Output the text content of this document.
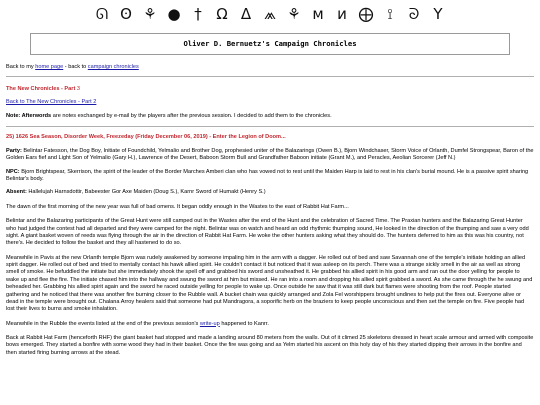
ᘏ ʘ ⚘ ● † Ω Δ ⩕ ⚘ ᴍ ᴎ ⨁ ⟟	ᘐ Y
Oliver D. Bernuetz's Campaign Chronicles

Back to my home page - back to campaign chronicles

The New Chronicles - Part 3

Back to The New Chronicles - Part 2

Note: Afterwords are notes exchanged by e-mail by the players after the previous session. I decided to add them to the chronicles.

25) 1626 Sea Season, Disorder Week, Freezeday (Friday December 06, 2019) - Enter the Legion of Doom...

Party: Belintar Fatesson, the Dog Boy, Initiate of Foundchild, Yelmalio and Brother Dog, prophesied uniter of the Balazarings (Owen B.), Bjorn Windchaser, Storm Voice of Orlanth, Dumfel Strongspear, Baron of the Golden Ears fief and Light Son of Yelmalio (Gary H.), Lawrence of the Desert, Baboon Storm Bull and Grandfather Baboon initiate (Grant M.), and Peracles, Aeolian Sorcerer (Jeff N.)

NPC: Bjorn Brightspear, Skerrison, the spirit of the leader of the Border Marches Amberi clan who has vowed not to rest until the Maiden Harp is laid to rest in his clan's burial mound. He is a passive spirit sharing Belintar's body.

Absent: Hallelujah Harnsdottir, Babeester Gor Axe Maiden (Doug S.), Karnr Sword of Humakt (Henry S.)

The dawn of the first morning of the new year was full of bad omens. It began oddly enough in the Wastes to the east of Rabbit Hat Farm...

Belintar and the Balazaring participants of the Great Hunt were still camped out in the Wastes after the end of the Hunt and the celebration of Sacred Time. The Praxian hunters and the Balazaring Great Hunter who had judged the contest had all departed and they were camped for the night. Belintar was on watch and heard an odd rhythmic thumping sound, He looked in the direction of the thumping and saw a very odd sight. A giant basket woven of reeds was flying through the air in the direction of Rabbit Hat Farm. He woke the other hunters asking what they should do. The hunters deferred to him as this was his country, not there's. He decided to follow the basket and they all hastened to do so.

Meanwhile in Pavis at the new Orlanth temple Bjorn was rudely awakened by someone impaling him in the arm with a dagger. He rolled out of bed and saw Savannah one of the temple's initiate holding an allied spirit dagger. He rolled out of bed and tried to mentally contact his hawk allied spirit. He couldn't contact it but noticed that it was asleep on its perch. There was a strange sickly smell in the air as well as strong smell of smoke. He befuddled the initiate but she immediately shook the spell off and grabbed his sword and unsheathed it. He grabbed his allied spirit in his good arm and ran out the door yelling for people to wake up and flee the fire. The initiate chased him into the hallway and swung the sword at him but missed. He ran into a room and dropping his allied spirit grabbed a sword. As she came through the he swung and beheaded her. Grabbing his allied spirit again and the sword he raced outside yelling for people to wake up. Once outside he saw that it was still dark but flames were shooting from the roof. People started gathering and he noticed that there was another fire burning closer to the Rubble wall. A bucket chain was quickly arranged and Zola Fel worshippers brought undines to help put the fires out. Everyone alive or dead in the temple were brought out. Chalana Arroy healers said that someone had put Mandragora, a soporific herb on the braziers to keep people unconscious and then set the temple on fire. Five people had lost their lives to burns and smoke inhalation.

Meanwhile in the Rubble the events listed at the end of the previous session's write-up happened to Kanrr.

Back at Rabbit Hat Farm (henceforth RHF) the giant basket had stopped and made a landing around 80 meters from the walls. Out of it climed 25 skeletons dressed in heart scale armour and armed with composite bows emerged. They started a bonfire with some wood they had in their basket. Once the fire was going and as Yelm started his ascent on this holy day of his they started dipping their arrows in the bonfire and then started firing burning arrows at the stead.
